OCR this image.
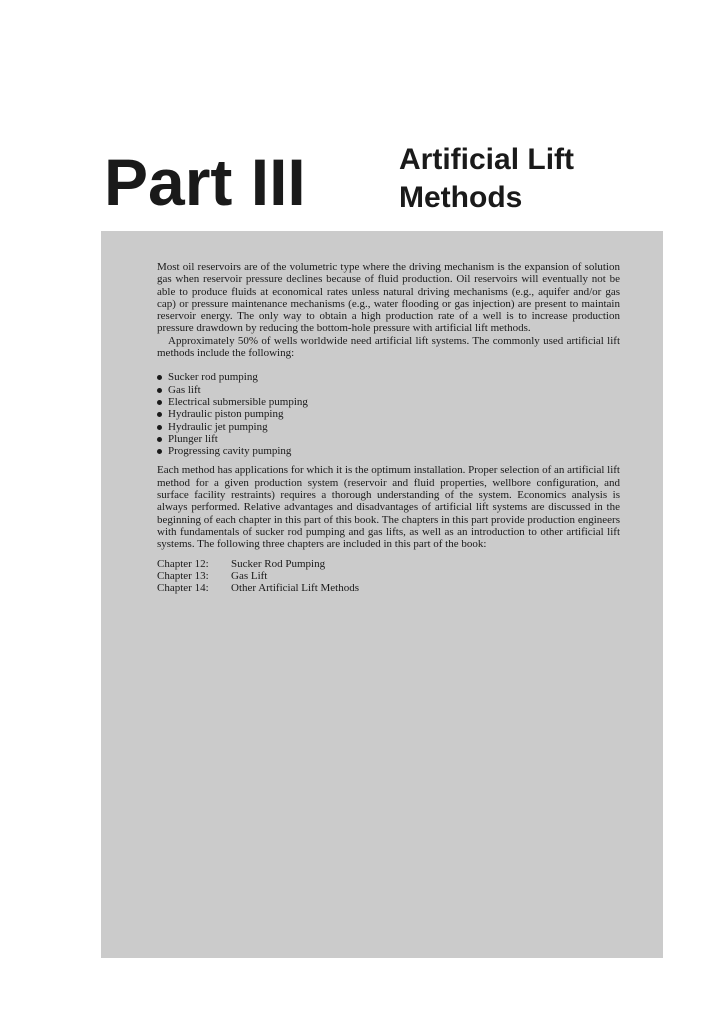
Part III	Artificial Lift
Methods

Most oil reservoirs are of the volumetric type where the driving mechanism is the expansion of solution gas when reservoir pressure declines because of fluid production. Oil reservoirs will eventually not be able to produce fluids at economical rates unless natural driving mechanisms (e.g., aquifer and/or gas cap) or pressure maintenance mechanisms (e.g., water flooding or gas injection) are present to maintain reservoir energy. The only way to obtain a high production rate of a well is to increase production pressure drawdown by reducing the bottom-hole pressure with artificial lift methods.

Approximately 50% of wells worldwide need artificial lift systems. The commonly used artificial lift methods include the following:

Sucker rod pumping
Gas lift
Electrical submersible pumping
Hydraulic piston pumping
Hydraulic jet pumping
Plunger lift
Progressing cavity pumping

Each method has applications for which it is the optimum installation. Proper selection of an artificial lift method for a given production system (reservoir and fluid properties, wellbore configuration, and surface facility restraints) requires a thorough understanding of the system. Economics analysis is always performed. Relative advantages and disadvantages of artificial lift systems are discussed in the beginning of each chapter in this part of this book. The chapters in this part provide production engineers with fundamentals of sucker rod pumping and gas lifts, as well as an introduction to other artificial lift systems. The following three chapters are included in this part of the book:

Chapter 12:	Sucker Rod Pumping
Chapter 13:	Gas Lift
Chapter 14:	Other Artificial Lift Methods
